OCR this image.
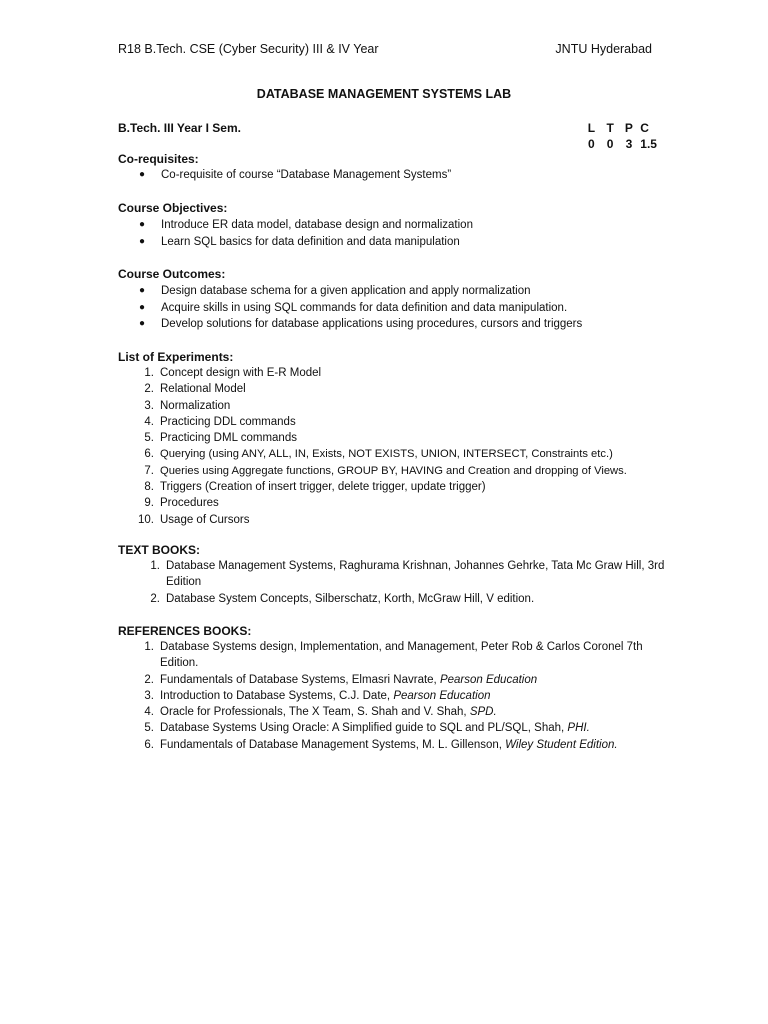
R18 B.Tech. CSE (Cyber Security) III & IV Year	JNTU Hyderabad
DATABASE MANAGEMENT SYSTEMS LAB
B.Tech. III Year I Sem.	L T P C
0	0	3 1.5
Co-requisites:
● Co-requisite of course “Database Management Systems”
Course Objectives:
● Introduce ER data model, database design and normalization
● Learn SQL basics for data definition and data manipulation
Course Outcomes:
● Design database schema for a given application and apply normalization
● Acquire skills in using SQL commands for data definition and data manipulation.
● Develop solutions for database applications using procedures, cursors and triggers
List of Experiments:
1. Concept design with E-R Model
2. Relational Model
3. Normalization
4. Practicing DDL commands
5. Practicing DML commands
6. Querying (using ANY, ALL, IN, Exists, NOT EXISTS, UNION, INTERSECT, Constraints etc.)
7. Queries using Aggregate functions, GROUP BY, HAVING and Creation and dropping of Views.
8. Triggers (Creation of insert trigger, delete trigger, update trigger)
9. Procedures
10. Usage of Cursors
TEXT BOOKS:
1. Database Management Systems, Raghurama Krishnan, Johannes Gehrke, Tata Mc Graw Hill, 3rd Edition
2. Database System Concepts, Silberschatz, Korth, McGraw Hill, V edition.
REFERENCES BOOKS:
1. Database Systems design, Implementation, and Management, Peter Rob & Carlos Coronel 7th Edition.
2. Fundamentals of Database Systems, Elmasri Navrate, Pearson Education
3. Introduction to Database Systems, C.J. Date, Pearson Education
4. Oracle for Professionals, The X Team, S. Shah and V. Shah, SPD.
5. Database Systems Using Oracle: A Simplified guide to SQL and PL/SQL, Shah, PHI.
6. Fundamentals of Database Management Systems, M. L. Gillenson, Wiley Student Edition.
